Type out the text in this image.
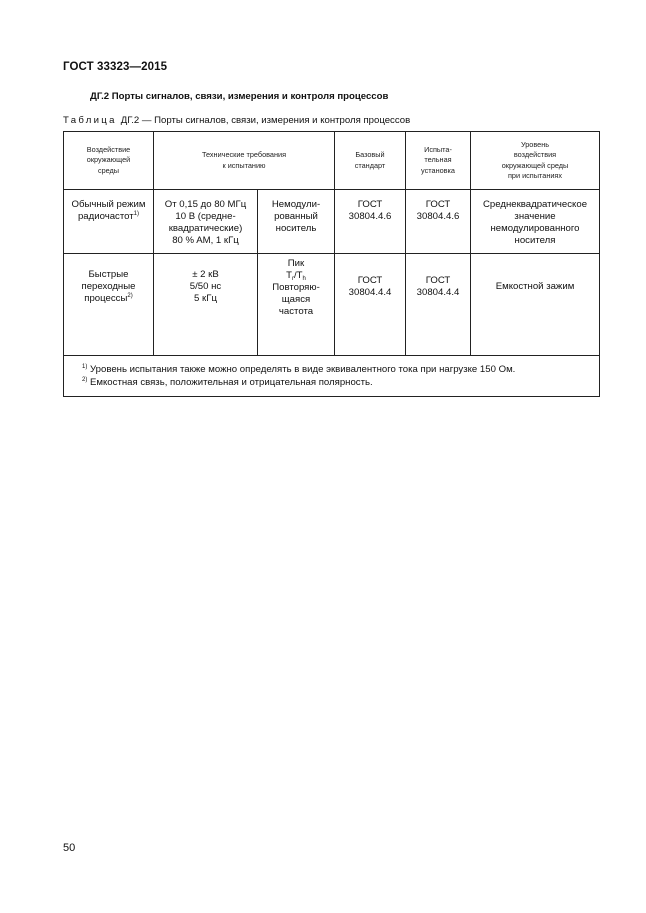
ГОСТ 33323—2015
ДГ.2 Порты сигналов, связи, измерения и контроля процессов
Таблица ДГ.2 — Порты сигналов, связи, измерения и контроля процессов
Воздействие
окружающей
среды	Технические требования
к испытанию		Базовый
стандарт	Испыта-
тельная
установка	Уровень
воздействия
окружающей среды
при испытаниях

Обычный режим
радиочастот$^{1)}$	От 0,15 до 80 МГц
10 В (средне-
квадратические)
80 % AM, 1 кГц	Немодули-
рованный
носитель	ГОСТ
30804.4.6	ГОСТ
30804.4.6	Среднеквадратическое
значение
немодулированного
носителя

Быстрые
переходные
процессы$^{2)}$	± 2 кВ
5/50 нс
5 кГц	Пик
$T_r/T_h$
Повторяю-
щаяся
частота	ГОСТ
30804.4.4	ГОСТ
30804.4.4	Емкостной зажим

$^{1)}$ Уровень испытания также можно определять в виде эквивалентного тока при нагрузке 150 Ом.
$^{2)}$ Емкостная связь, положительная и отрицательная полярность.					
50
